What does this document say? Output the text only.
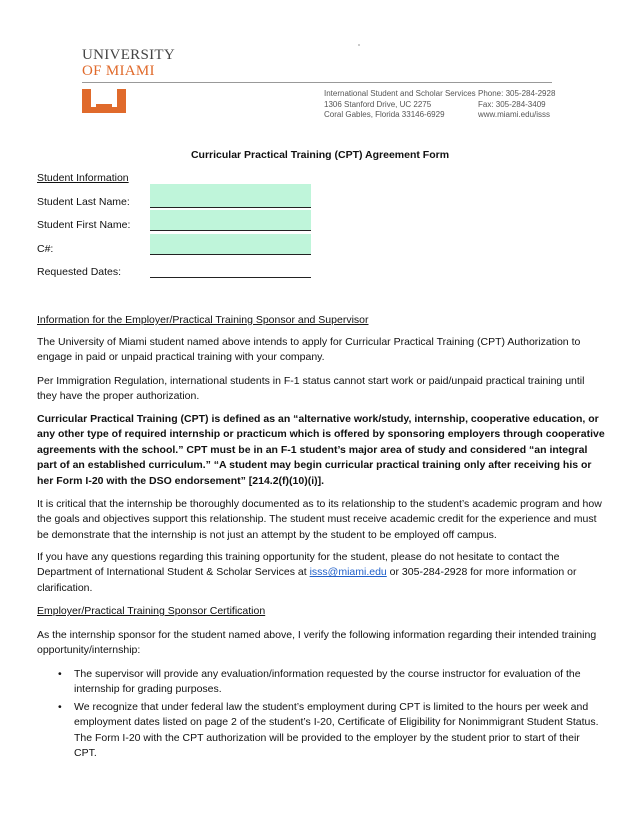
UNIVERSITY
OF MIAMI
International Student and Scholar Services
1306 Stanford Drive, UC 2275
Coral Gables, Florida 33146-6929
Phone: 305-284-2928
Fax: 305-284-3409
www.miami.edu/isss
Curricular Practical Training (CPT) Agreement Form
Student Information
Student Last Name:
Student First Name:
C#:
Requested Dates:
Information for the Employer/Practical Training Sponsor and Supervisor
The University of Miami student named above intends to apply for Curricular Practical Training (CPT) Authorization to engage in paid or unpaid practical training with your company.
Per Immigration Regulation, international students in F-1 status cannot start work or paid/unpaid practical training until they have the proper authorization.
Curricular Practical Training (CPT) is defined as an “alternative work/study, internship, cooperative education, or any other type of required internship or practicum which is offered by sponsoring employers through cooperative agreements with the school.” CPT must be in an F-1 student’s major area of study and considered “an integral part of an established curriculum.” “A student may begin curricular practical training only after receiving his or her Form I-20 with the DSO endorsement” [214.2(f)(10)(i)].
It is critical that the internship be thoroughly documented as to its relationship to the student’s academic program and how the goals and objectives support this relationship. The student must receive academic credit for the experience and must be demonstrate that the internship is not just an attempt by the student to be employed off campus.
If you have any questions regarding this training opportunity for the student, please do not hesitate to contact the Department of International Student & Scholar Services at isss@miami.edu or 305-284-2928 for more information or clarification.
Employer/Practical Training Sponsor Certification
As the internship sponsor for the student named above, I verify the following information regarding their intended training opportunity/internship:
• The supervisor will provide any evaluation/information requested by the course instructor for evaluation of the internship for grading purposes.
• We recognize that under federal law the student’s employment during CPT is limited to the hours per week and employment dates listed on page 2 of the student’s I-20, Certificate of Eligibility for Nonimmigrant Student Status. The Form I-20 with the CPT authorization will be provided to the employer by the student prior to start of their CPT.
